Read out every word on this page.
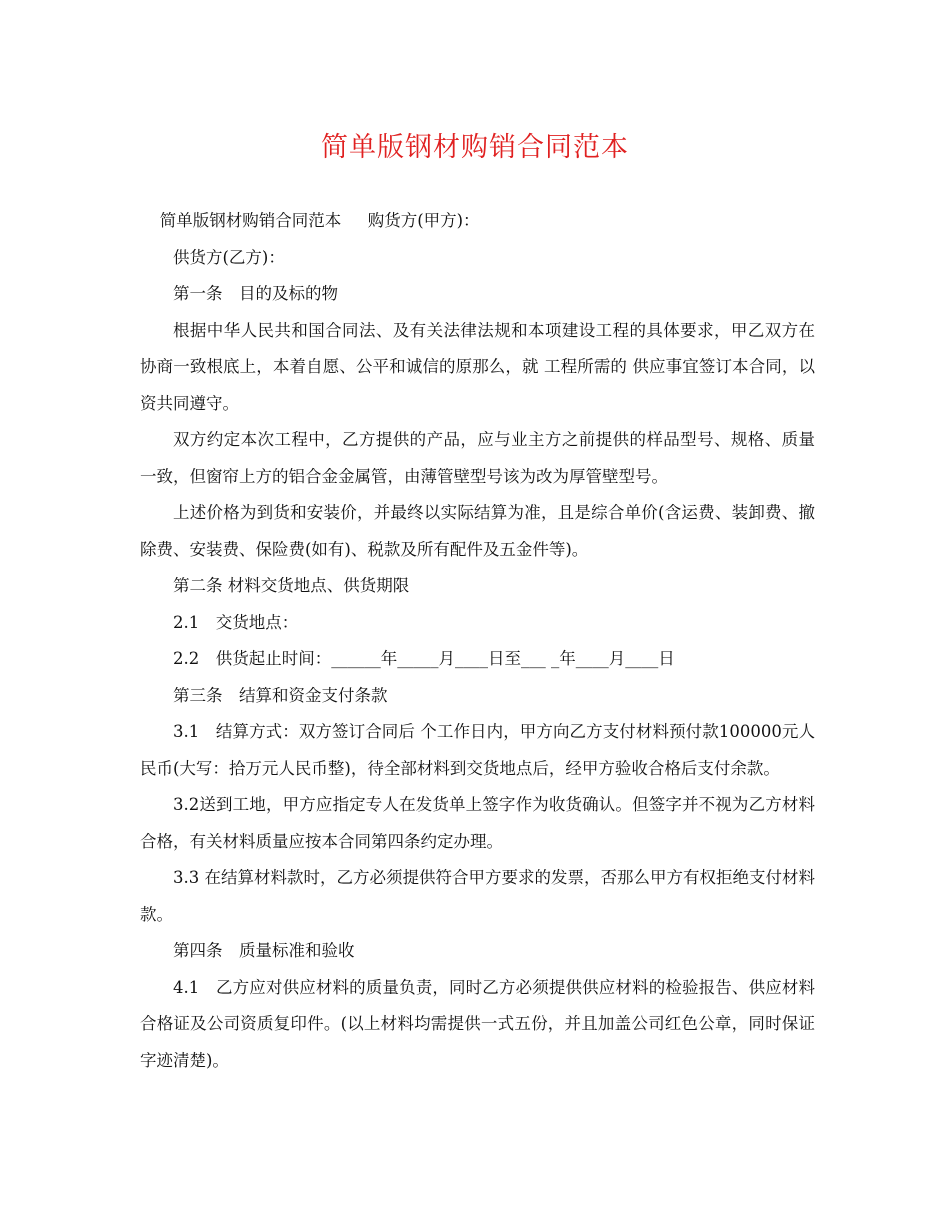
简单版钢材购销合同范本

简单版钢材购销合同范本 购货方(甲方)：

供货方(乙方)：

第一条　目的及标的物

根据中华人民共和国合同法、及有关法律法规和本项建设工程的具体要求，甲乙双方在协商一致根底上，本着自愿、公平和诚信的原那么，就 工程所需的 供应事宜签订本合同，以资共同遵守。

双方约定本次工程中，乙方提供的产品，应与业主方之前提供的样品型号、规格、质量一致，但窗帘上方的铝合金金属管，由薄管壁型号该为改为厚管壁型号。

上述价格为到货和安装价，并最终以实际结算为准，且是综合单价(含运费、装卸费、撤除费、安装费、保险费(如有)、税款及所有配件及五金件等)。

第二条 材料交货地点、供货期限

2.1　交货地点：

2.2　供货起止时间：______年_____月____日至___ _年____月____日

第三条　结算和资金支付条款

3.1　结算方式：双方签订合同后 个工作日内，甲方向乙方支付材料预付款100000元人民币(大写：拾万元人民币整)，待全部材料到交货地点后，经甲方验收合格后支付余款。

3.2送到工地，甲方应指定专人在发货单上签字作为收货确认。但签字并不视为乙方材料合格，有关材料质量应按本合同第四条约定办理。

3.3 在结算材料款时，乙方必须提供符合甲方要求的发票，否那么甲方有权拒绝支付材料款。

第四条　质量标准和验收

4.1　乙方应对供应材料的质量负责，同时乙方必须提供供应材料的检验报告、供应材料合格证及公司资质复印件。(以上材料均需提供一式五份，并且加盖公司红色公章，同时保证字迹清楚)。
